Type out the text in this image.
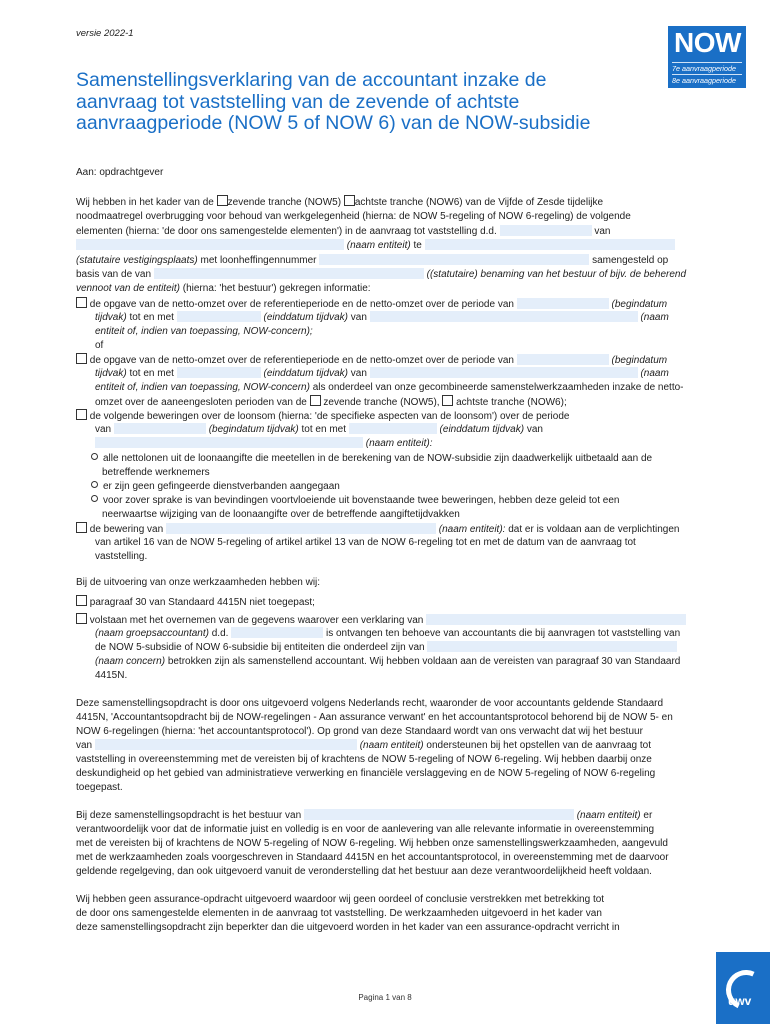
versie 2022-1	NOW
7e aanvraagperiode
8e aanvraagperiode
Samenstellingsverklaring van de accountant inzake de aanvraag tot vaststelling van de zevende of achtste aanvraagperiode (NOW 5 of NOW 6) van de NOW-subsidie
Aan: opdrachtgever
Wij hebben in het kader van de zevende tranche (NOW5) achtste tranche (NOW6) van de Vijfde of Zesde tijdelijke
noodmaatregel overbrugging voor behoud van werkgelegenheid (hierna: de NOW 5-regeling of NOW 6-regeling) de volgende
elementen (hierna: 'de door ons samengestelde elementen') in de aanvraag tot vaststelling d.d.	van
(naam entiteit) te
(statutaire vestigingsplaats) met loonheffingennummer	samengesteld op
basis van de van	((statutaire) benaming van het bestuur of bijv. de beherend
vennoot van de entiteit) (hierna: 'het bestuur') gekregen informatie:
de opgave van de netto-omzet over de referentieperiode en de netto-omzet over de periode van	(begindatum
tijdvak) tot en met	(einddatum tijdvak) van	(naam
entiteit of, indien van toepassing, NOW-concern);
of
de opgave van de netto-omzet over de referentieperiode en de netto-omzet over de periode van	(begindatum
tijdvak) tot en met	(einddatum tijdvak) van	(naam
entiteit of, indien van toepassing, NOW-concern) als onderdeel van onze gecombineerde samenstelwerkzaamheden inzake de netto-
omzet over de aaneengesloten perioden van de zevende tranche (NOW5), achtste tranche (NOW6);
de volgende beweringen over de loonsom (hierna: 'de specifieke aspecten van de loonsom') over de periode
van	(begindatum tijdvak) tot en met	(einddatum tijdvak) van
(naam entiteit):
alle nettolonen uit de loonaangifte die meetellen in de berekening van de NOW-subsidie zijn daadwerkelijk uitbetaald aan de
betreffende werknemers
er zijn geen gefingeerde dienstverbanden aangegaan
voor zover sprake is van bevindingen voortvloeiende uit bovenstaande twee beweringen, hebben deze geleid tot een
neerwaartse wijziging van de loonaangifte over de betreffende aangiftetijdvakken
de bewering van	(naam entiteit): dat er is voldaan aan de verplichtingen
van artikel 16 van de NOW 5-regeling of artikel artikel 13 van de NOW 6-regeling tot en met de datum van de aanvraag tot
vaststelling.
Bij de uitvoering van onze werkzaamheden hebben wij:
paragraaf 30 van Standaard 4415N niet toegepast;
volstaan met het overnemen van de gegevens waarover een verklaring van
(naam groepsaccountant) d.d.	is ontvangen ten behoeve van accountants die bij aanvragen tot vaststelling van
de NOW 5-subsidie of NOW 6-subsidie bij entiteiten die onderdeel zijn van
(naam concern) betrokken zijn als samenstellend accountant. Wij hebben voldaan aan de vereisten van paragraaf 30 van Standaard
4415N.
Deze samenstellingsopdracht is door ons uitgevoerd volgens Nederlands recht, waaronder de voor accountants geldende Standaard
4415N, 'Accountantsopdracht bij de NOW-regelingen - Aan assurance verwant' en het accountantsprotocol behorend bij de NOW 5- en
NOW 6-regelingen (hierna: 'het accountantsprotocol'). Op grond van deze Standaard wordt van ons verwacht dat wij het bestuur
van	(naam entiteit) ondersteunen bij het opstellen van de aanvraag tot
vaststelling in overeenstemming met de vereisten bij of krachtens de NOW 5-regeling of NOW 6-regeling. Wij hebben daarbij onze
deskundigheid op het gebied van administratieve verwerking en financiële verslaggeving en de NOW 5-regeling of NOW 6-regeling
toegepast.
Bij deze samenstellingsopdracht is het bestuur van	(naam entiteit) er
verantwoordelijk voor dat de informatie juist en volledig is en voor de aanlevering van alle relevante informatie in overeenstemming
met de vereisten bij of krachtens de NOW 5-regeling of NOW 6-regeling. Wij hebben onze samenstellingswerkzaamheden, aangevuld
met de werkzaamheden zoals voorgeschreven in Standaard 4415N en het accountantsprotocol, in overeenstemming met de daarvoor
geldende regelgeving, dan ook uitgevoerd vanuit de veronderstelling dat het bestuur aan deze verantwoordelijkheid heeft voldaan.
Wij hebben geen assurance-opdracht uitgevoerd waardoor wij geen oordeel of conclusie verstrekken met betrekking tot
de door ons samengestelde elementen in de aanvraag tot vaststelling. De werkzaamheden uitgevoerd in het kader van
deze samenstellingsopdracht zijn beperkter dan die uitgevoerd worden in het kader van een assurance-opdracht verricht in
Pagina 1 van 8	uwv
